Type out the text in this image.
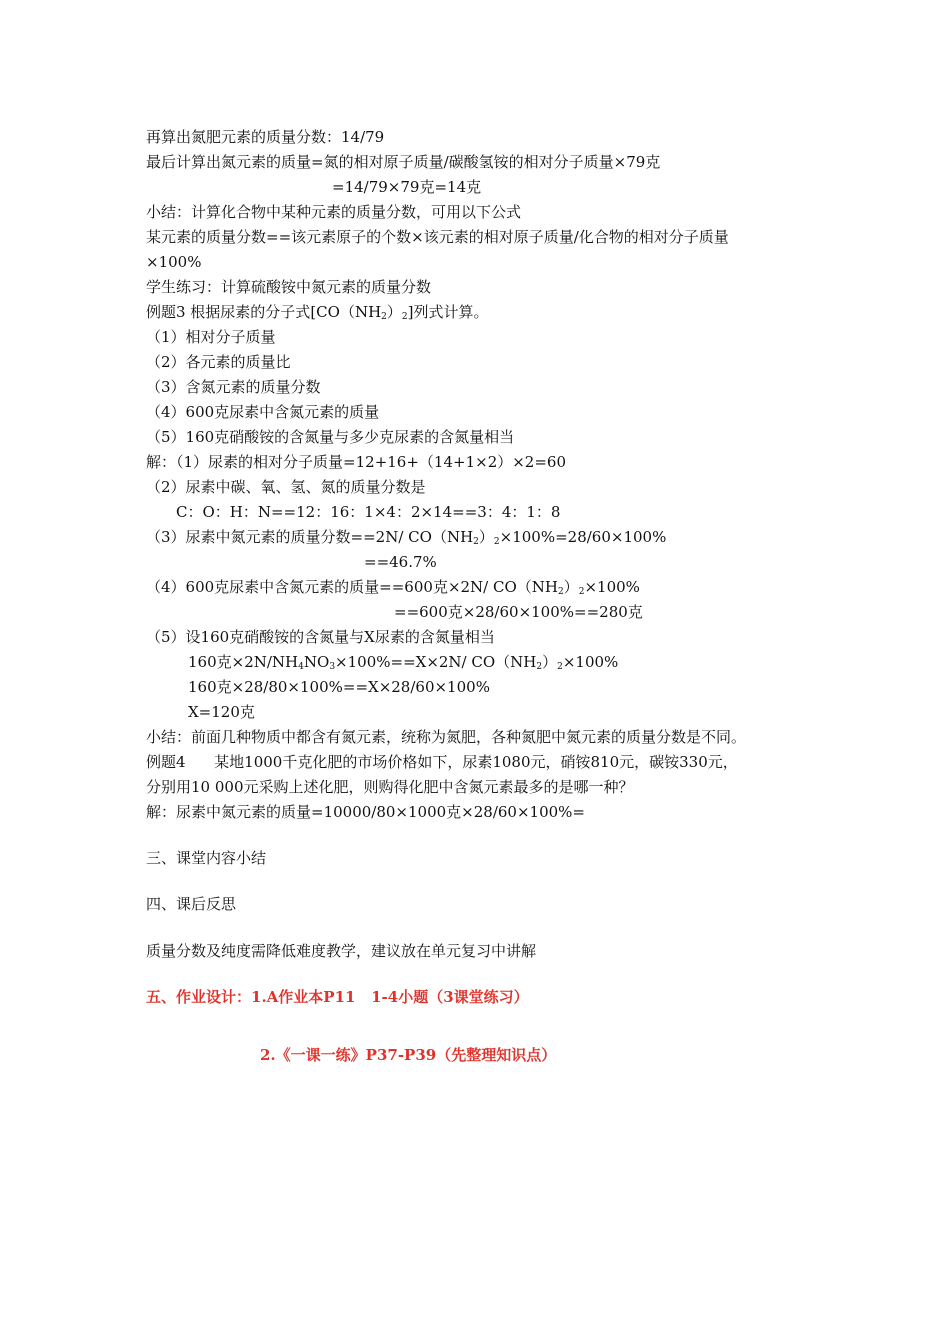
再算出氮肥元素的质量分数：14/79
最后计算出氮元素的质量=氮的相对原子质量/碳酸氢铵的相对分子质量×79克
=14/79×79克=14克
小结：计算化合物中某种元素的质量分数，可用以下公式
某元素的质量分数==该元素原子的个数×该元素的相对原子质量/化合物的相对分子质量
×100%
学生练习：计算硫酸铵中氮元素的质量分数
例题3 根据尿素的分子式$[CO(NH_2)_2]$列式计算。
（1）相对分子质量
（2）各元素的质量比
（3）含氮元素的质量分数
（4）600克尿素中含氮元素的质量
（5）160克硝酸铵的含氮量与多少克尿素的含氮量相当
解：（1）尿素的相对分子质量=12+16+（14+1×2）×2=60
（2）尿素中碳、氧、氢、氮的质量分数是
C：O：H：N==12：16：1×4：2×14==3：4：1：8
（3）尿素中氮元素的质量分数==2N/ $CO(NH_2)_2\times 100\%=28/60\times 100\%$
==46.7%
（4）600克尿素中含氮元素的质量==600克×2N/ $CO(NH_2)_2\times 100\%$
==600克×28/60×100%==280克
（5）设160克硝酸铵的含氮量与X尿素的含氮量相当
160克$\times 2N/NH_4NO_3\times 100\%==X\times 2N/$ $CO(NH_2)_2\times 100\%$
160克×28/80×100%==X×28/60×100%
X=120克
小结：前面几种物质中都含有氮元素，统称为氮肥，各种氮肥中氮元素的质量分数是不同。
例题4      某地1000千克化肥的市场价格如下，尿素1080元，硝铵810元，碳铵330元，
分别用10 000元采购上述化肥，则购得化肥中含氮元素最多的是哪一种？
解：尿素中氮元素的质量=10000/80×1000克×28/60×100%=
三、课堂内容小结
四、课后反思
质量分数及纯度需降低难度教学，建议放在单元复习中讲解
五、作业设计：1.A作业本P11   1-4小题（3课堂练习）
2.《一课一练》P37-P39（先整理知识点）
